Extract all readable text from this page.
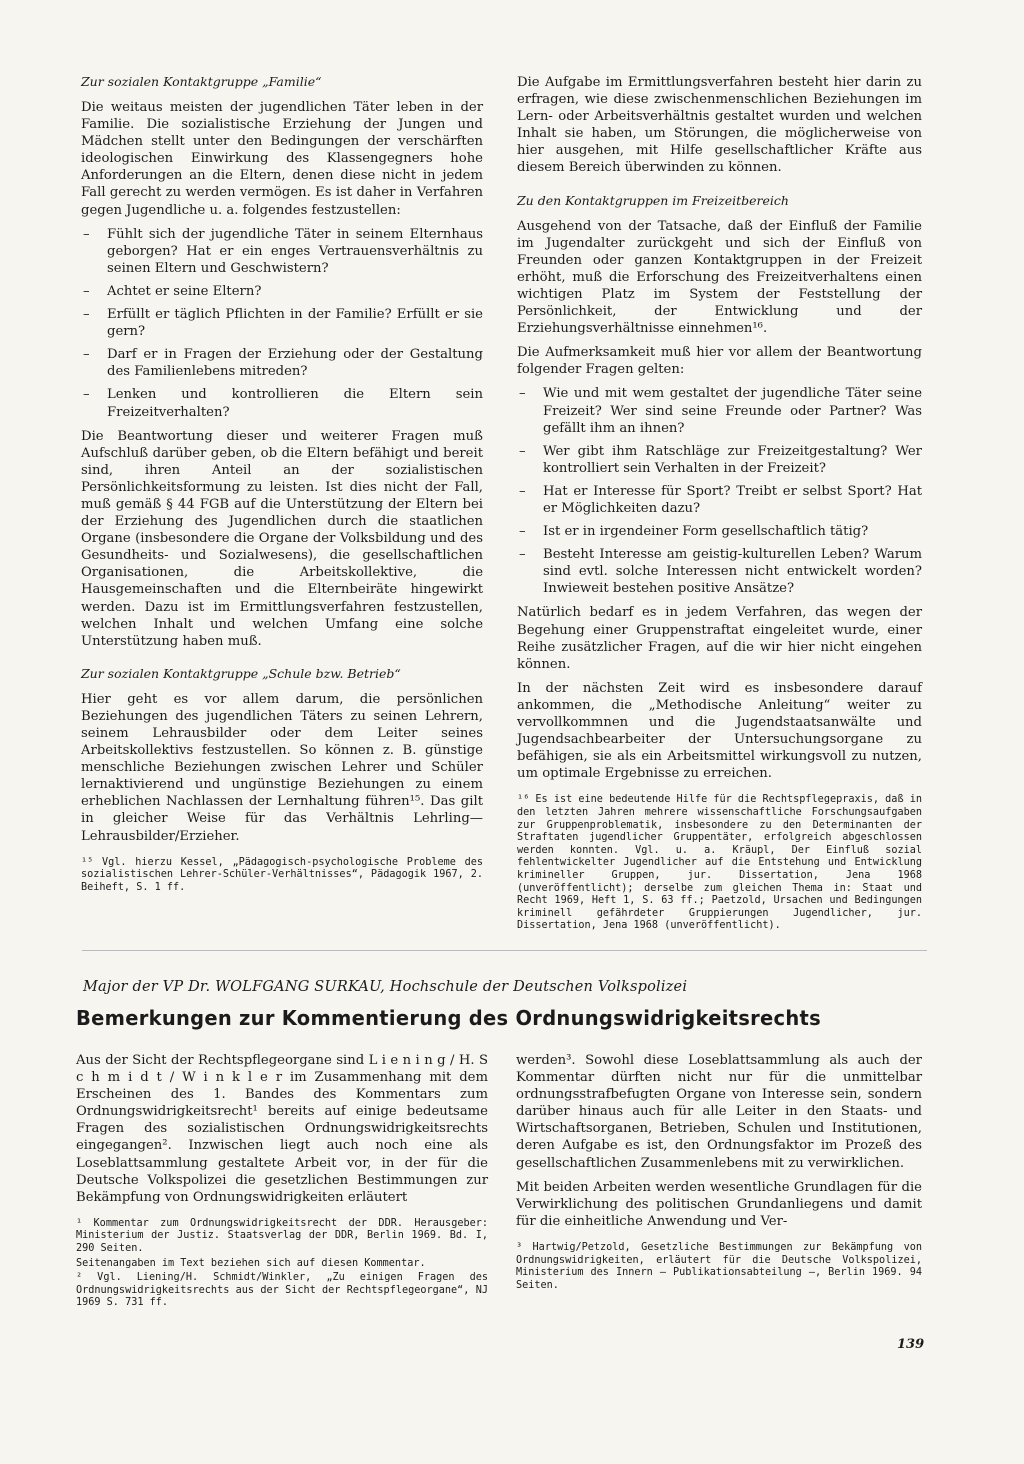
Zur sozialen Kontaktgruppe „Familie“

Die weitaus meisten der jugendlichen Täter leben in der Familie. Die sozialistische Erziehung der Jungen und Mädchen stellt unter den Bedingungen der verschärften ideologischen Einwirkung des Klassengegners hohe Anforderungen an die Eltern, denen diese nicht in jedem Fall gerecht zu werden vermögen. Es ist daher in Verfahren gegen Jugendliche u. a. folgendes festzustellen:

– Fühlt sich der jugendliche Täter in seinem Elternhaus geborgen? Hat er ein enges Vertrauensverhältnis zu seinen Eltern und Geschwistern?
– Achtet er seine Eltern?
– Erfüllt er täglich Pflichten in der Familie? Erfüllt er sie gern?
– Darf er in Fragen der Erziehung oder der Gestaltung des Familienlebens mitreden?
– Lenken und kontrollieren die Eltern sein Freizeitverhalten?

Die Beantwortung dieser und weiterer Fragen muß Aufschluß darüber geben, ob die Eltern befähigt und bereit sind, ihren Anteil an der sozialistischen Persönlichkeitsformung zu leisten. Ist dies nicht der Fall, muß gemäß § 44 FGB auf die Unterstützung der Eltern bei der Erziehung des Jugendlichen durch die staatlichen Organe (insbesondere die Organe der Volksbildung und des Gesundheits- und Sozialwesens), die gesellschaftlichen Organisationen, die Arbeitskollektive, die Hausgemeinschaften und die Elternbeiräte hingewirkt werden. Dazu ist im Ermittlungsverfahren festzustellen, welchen Inhalt und welchen Umfang eine solche Unterstützung haben muß.

Zur sozialen Kontaktgruppe „Schule bzw. Betrieb“

Hier geht es vor allem darum, die persönlichen Beziehungen des jugendlichen Täters zu seinen Lehrern, seinem Lehrausbilder oder dem Leiter seines Arbeitskollektivs festzustellen. So können z. B. günstige menschliche Beziehungen zwischen Lehrer und Schüler lernaktivierend und ungünstige Beziehungen zu einem erheblichen Nachlassen der Lernhaltung führen¹⁵. Das gilt in gleicher Weise für das Verhältnis Lehrling—Lehrausbilder/Erzieher.

¹⁵ Vgl. hierzu Kessel, „Pädagogisch-psychologische Probleme des sozialistischen Lehrer-Schüler-Verhältnisses“, Pädagogik 1967, 2. Beiheft, S. 1 ff.

Die Aufgabe im Ermittlungsverfahren besteht hier darin zu erfragen, wie diese zwischenmenschlichen Beziehungen im Lern- oder Arbeitsverhältnis gestaltet wurden und welchen Inhalt sie haben, um Störungen, die möglicherweise von hier ausgehen, mit Hilfe gesellschaftlicher Kräfte aus diesem Bereich überwinden zu können.

Zu den Kontaktgruppen im Freizeitbereich

Ausgehend von der Tatsache, daß der Einfluß der Familie im Jugendalter zurückgeht und sich der Einfluß von Freunden oder ganzen Kontaktgruppen in der Freizeit erhöht, muß die Erforschung des Freizeitverhaltens einen wichtigen Platz im System der Feststellung der Persönlichkeit, der Entwicklung und der Erziehungsverhältnisse einnehmen¹⁶.

Die Aufmerksamkeit muß hier vor allem der Beantwortung folgender Fragen gelten:

– Wie und mit wem gestaltet der jugendliche Täter seine Freizeit? Wer sind seine Freunde oder Partner? Was gefällt ihm an ihnen?
– Wer gibt ihm Ratschläge zur Freizeitgestaltung? Wer kontrolliert sein Verhalten in der Freizeit?
– Hat er Interesse für Sport? Treibt er selbst Sport? Hat er Möglichkeiten dazu?
– Ist er in irgendeiner Form gesellschaftlich tätig?
– Besteht Interesse am geistig-kulturellen Leben? Warum sind evtl. solche Interessen nicht entwickelt worden? Inwieweit bestehen positive Ansätze?

Natürlich bedarf es in jedem Verfahren, das wegen der Begehung einer Gruppenstraftat eingeleitet wurde, einer Reihe zusätzlicher Fragen, auf die wir hier nicht eingehen können.

In der nächsten Zeit wird es insbesondere darauf ankommen, die „Methodische Anleitung“ weiter zu vervollkommnen und die Jugendstaatsanwälte und Jugendsachbearbeiter der Untersuchungsorgane zu befähigen, sie als ein Arbeitsmittel wirkungsvoll zu nutzen, um optimale Ergebnisse zu erreichen.

¹⁶ Es ist eine bedeutende Hilfe für die Rechtspflegepraxis, daß in den letzten Jahren mehrere wissenschaftliche Forschungsaufgaben zur Gruppenproblematik, insbesondere zu den Determinanten der Straftaten jugendlicher Gruppentäter, erfolgreich abgeschlossen werden konnten. Vgl. u. a. Kräupl, Der Einfluß sozial fehlentwickelter Jugendlicher auf die Entstehung und Entwicklung krimineller Gruppen, jur. Dissertation, Jena 1968 (unveröffentlicht); derselbe zum gleichen Thema in: Staat und Recht 1969, Heft 1, S. 63 ff.; Paetzold, Ursachen und Bedingungen kriminell gefährdeter Gruppierungen Jugendlicher, jur. Dissertation, Jena 1968 (unveröffentlicht).
Major der VP Dr. WOLFGANG SURKAU, Hochschule der Deutschen Volkspolizei
Bemerkungen zur Kommentierung des Ordnungswidrigkeitsrechts

Aus der Sicht der Rechtspflegeorgane sind L i e n i n g / H. S c h m i d t / W i n k l e r im Zusammenhang mit dem Erscheinen des 1. Bandes des Kommentars zum Ordnungswidrigkeitsrecht¹ bereits auf einige bedeutsame Fragen des sozialistischen Ordnungswidrigkeitsrechts eingegangen². Inzwischen liegt auch noch eine als Loseblattsammlung gestaltete Arbeit vor, in der für die Deutsche Volkspolizei die gesetzlichen Bestimmungen zur Bekämpfung von Ordnungswidrigkeiten erläutert

¹ Kommentar zum Ordnungswidrigkeitsrecht der DDR. Herausgeber: Ministerium der Justiz. Staatsverlag der DDR, Berlin 1969. Bd. I, 290 Seiten.
Seitenangaben im Text beziehen sich auf diesen Kommentar.
² Vgl. Liening/H. Schmidt/Winkler, „Zu einigen Fragen des Ordnungswidrigkeitsrechts aus der Sicht der Rechtspflegeorgane“, NJ 1969 S. 731 ff.

werden³. Sowohl diese Loseblattsammlung als auch der Kommentar dürften nicht nur für die unmittelbar ordnungsstrafbefugten Organe von Interesse sein, sondern darüber hinaus auch für alle Leiter in den Staats- und Wirtschaftsorganen, Betrieben, Schulen und Institutionen, deren Aufgabe es ist, den Ordnungsfaktor im Prozeß des gesellschaftlichen Zusammenlebens mit zu verwirklichen.

Mit beiden Arbeiten werden wesentliche Grundlagen für die Verwirklichung des politischen Grundanliegens und damit für die einheitliche Anwendung und Ver-

³ Hartwig/Petzold, Gesetzliche Bestimmungen zur Bekämpfung von Ordnungswidrigkeiten, erläutert für die Deutsche Volkspolizei, Ministerium des Innern – Publikationsabteilung –, Berlin 1969. 94 Seiten.
139
